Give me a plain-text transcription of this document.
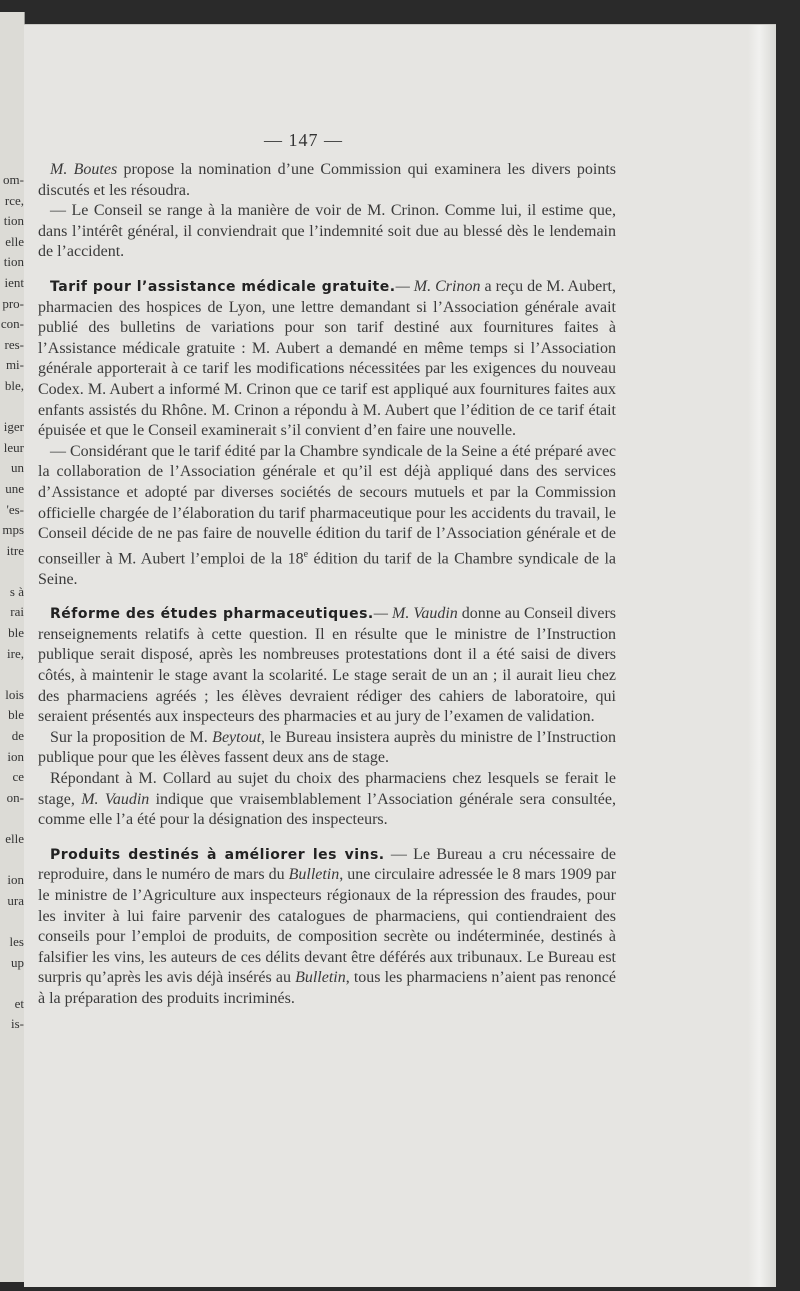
om-
rce,
tion
elle
tion
ient
pro-
con-
res-
mi-
ble,
iger
leur
un
une
'es-
mps
itre
s à
rai
ble
ire,
lois
ble
de
ion
ce
on-
elle
ion
ura
les
up
et
is-
— 147 —

M. Boutes propose la nomination d’une Commission qui examinera les divers points discutés et les résoudra.

— Le Conseil se range à la manière de voir de M. Crinon. Comme lui, il estime que, dans l’intérêt général, il conviendrait que l’indemnité soit due au blessé dès le lendemain de l’accident.

Tarif pour l’assistance médicale gratuite.— M. Crinon a reçu de M. Aubert, pharmacien des hospices de Lyon, une lettre demandant si l’Association générale avait publié des bulletins de variations pour son tarif destiné aux fournitures faites à l’Assistance médicale gratuite : M. Aubert a demandé en même temps si l’Association générale apporterait à ce tarif les modifications nécessitées par les exigences du nouveau Codex. M. Aubert a informé M. Crinon que ce tarif est appliqué aux fournitures faites aux enfants assistés du Rhône. M. Crinon a répondu à M. Aubert que l’édition de ce tarif était épuisée et que le Conseil examinerait s’il convient d’en faire une nouvelle.

— Considérant que le tarif édité par la Chambre syndicale de la Seine a été préparé avec la collaboration de l’Association générale et qu’il est déjà appliqué dans des services d’Assistance et adopté par diverses sociétés de secours mutuels et par la Commission officielle chargée de l’élaboration du tarif pharmaceutique pour les accidents du travail, le Conseil décide de ne pas faire de nouvelle édition du tarif de l’Association générale et de conseiller à M. Aubert l’emploi de la 18e édition du tarif de la Chambre syndicale de la Seine.

Réforme des études pharmaceutiques.— M. Vaudin donne au Conseil divers renseignements relatifs à cette question. Il en résulte que le ministre de l’Instruction publique serait disposé, après les nombreuses protestations dont il a été saisi de divers côtés, à maintenir le stage avant la scolarité. Le stage serait de un an ; il aurait lieu chez des pharmaciens agréés ; les élèves devraient rédiger des cahiers de laboratoire, qui seraient présentés aux inspecteurs des pharmacies et au jury de l’examen de validation.

Sur la proposition de M. Beytout, le Bureau insistera auprès du ministre de l’Instruction publique pour que les élèves fassent deux ans de stage.

Répondant à M. Collard au sujet du choix des pharmaciens chez lesquels se ferait le stage, M. Vaudin indique que vraisemblablement l’Association générale sera consultée, comme elle l’a été pour la désignation des inspecteurs.

Produits destinés à améliorer les vins. — Le Bureau a cru nécessaire de reproduire, dans le numéro de mars du Bulletin, une circulaire adressée le 8 mars 1909 par le ministre de l’Agriculture aux inspecteurs régionaux de la répression des fraudes, pour les inviter à lui faire parvenir des catalogues de pharmaciens, qui contiendraient des conseils pour l’emploi de produits, de composition secrète ou indéterminée, destinés à falsifier les vins, les auteurs de ces délits devant être déférés aux tribunaux. Le Bureau est surpris qu’après les avis déjà insérés au Bulletin, tous les pharmaciens n’aient pas renoncé à la préparation des produits incriminés.
